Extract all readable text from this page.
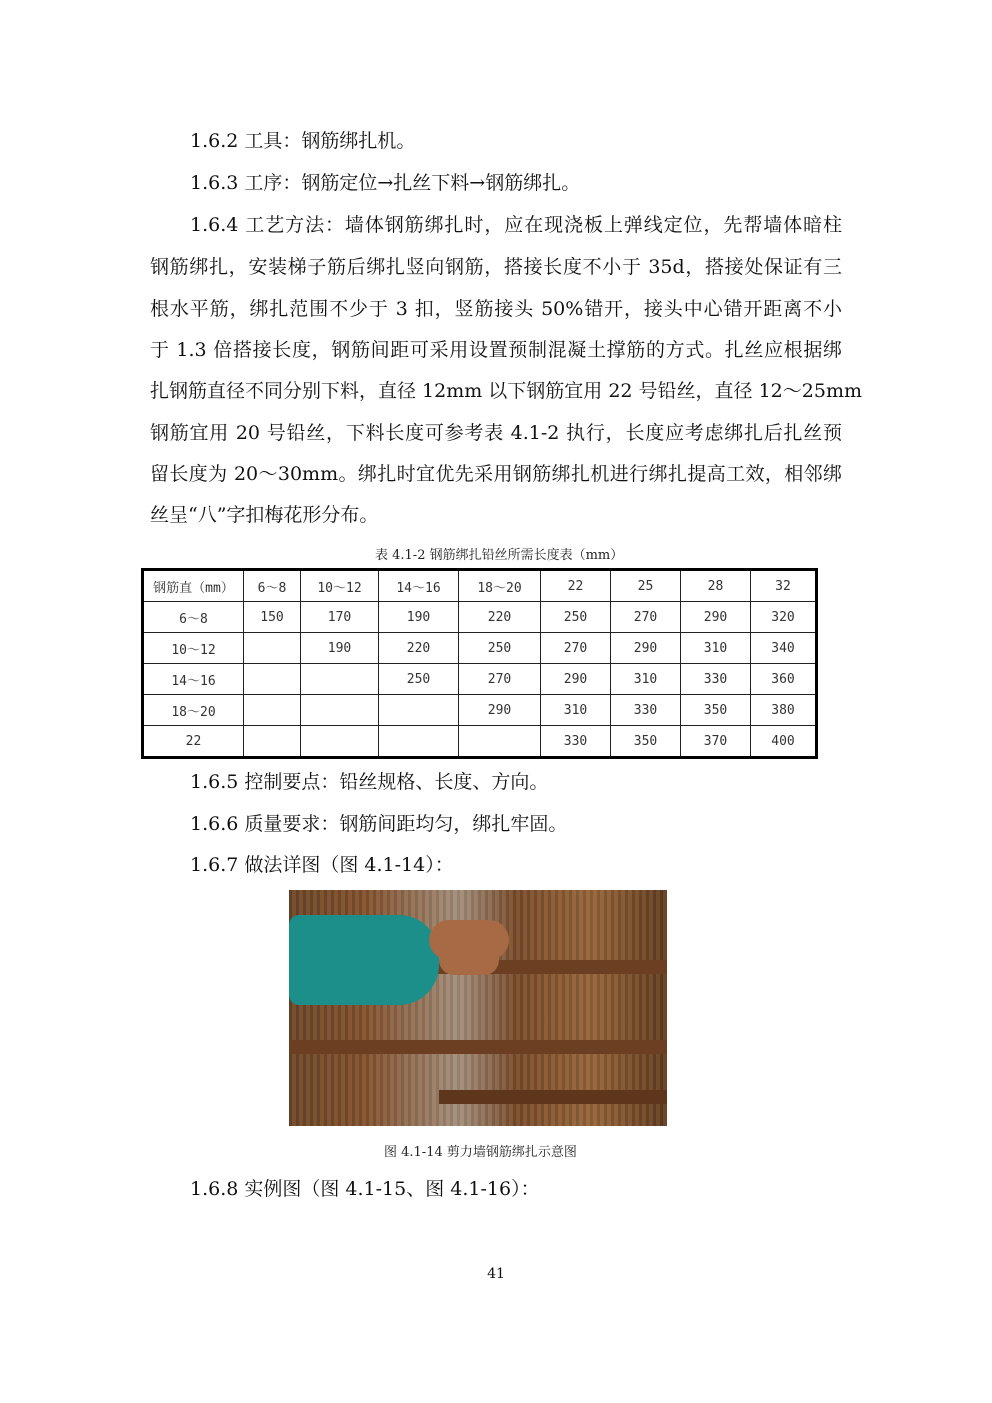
1.6.2 工具：钢筋绑扎机。
1.6.3 工序：钢筋定位→扎丝下料→钢筋绑扎。
1.6.4 工艺方法：墙体钢筋绑扎时，应在现浇板上弹线定位，先帮墙体暗柱
钢筋绑扎，安装梯子筋后绑扎竖向钢筋，搭接长度不小于 35d，搭接处保证有三
根水平筋，绑扎范围不少于 3 扣，竖筋接头 50%错开，接头中心错开距离不小
于 1.3 倍搭接长度，钢筋间距可采用设置预制混凝土撑筋的方式。扎丝应根据绑
扎钢筋直径不同分别下料，直径 12mm 以下钢筋宜用 22 号铅丝，直径 12～25mm
钢筋宜用 20 号铅丝，下料长度可参考表 4.1-2 执行，长度应考虑绑扎后扎丝预
留长度为 20～30mm。绑扎时宜优先采用钢筋绑扎机进行绑扎提高工效，相邻绑
丝呈“八”字扣梅花形分布。
表 4.1-2 钢筋绑扎铅丝所需长度表（mm）
钢筋直（mm）	6～8	10～12	14～16	18～20	22	25	28	32
6～8	150	170	190	220	250	270	290	320
10～12		190	220	250	270	290	310	340
14～16			250	270	290	310	330	360
18～20				290	310	330	350	380
22					330	350	370	400
1.6.5 控制要点：铅丝规格、长度、方向。
1.6.6 质量要求：钢筋间距均匀，绑扎牢固。
1.6.7 做法详图（图 4.1-14）：
图 4.1-14 剪力墙钢筋绑扎示意图
1.6.8 实例图（图 4.1-15、图 4.1-16）：
41
